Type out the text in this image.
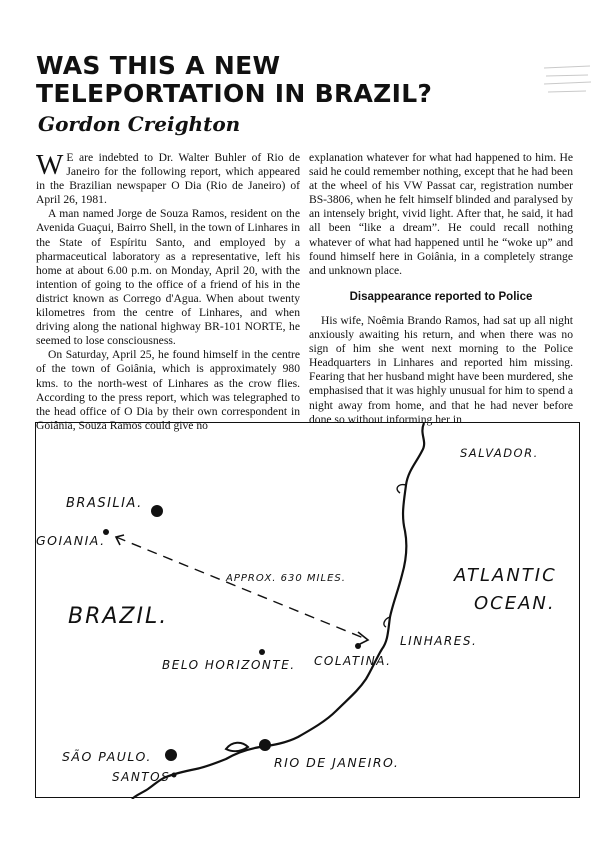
WAS THIS A NEW TELEPORTATION IN BRAZIL?
Gordon Creighton

W E are indebted to Dr. Walter Buhler of Rio de Janeiro for the following report, which appeared in the Brazilian newspaper O Dia (Rio de Janeiro) of April 26, 1981.

A man named Jorge de Souza Ramos, resident on the Avenida Guaçui, Bairro Shell, in the town of Linhares in the State of Espíritu Santo, and employed by a pharmaceutical laboratory as a representative, left his home at about 6.00 p.m. on Monday, April 20, with the intention of going to the office of a friend of his in the district known as Corrego d'Agua. When about twenty kilometres from the centre of Linhares, and when driving along the national highway BR-101 NORTE, he seemed to lose consciousness.

On Saturday, April 25, he found himself in the centre of the town of Goiânia, which is approximately 980 kms. to the north-west of Linhares as the crow flies. According to the press report, which was telegraphed to the head office of O Dia by their own correspondent in Goiânia, Souza Ramos could give no

explanation whatever for what had happened to him. He said he could remember nothing, except that he had been at the wheel of his VW Passat car, registration number BS-3806, when he felt himself blinded and paralysed by an intensely bright, vivid light. After that, he said, it had all been “like a dream”. He could recall nothing whatever of what had happened until he “woke up” and found himself here in Goiânia, in a completely strange and unknown place.

Disappearance reported to Police

His wife, Noêmia Brando Ramos, had sat up all night anxiously awaiting his return, and when there was no sign of him she went next morning to the Police Headquarters in Linhares and reported him missing. Fearing that her husband might have been murdered, she emphasised that it was highly unusual for him to spend a night away from home, and that he had never before done so without informing her in

SALVADOR.
BRASILIA.
GOIANIA.
APPROX. 630 MILES.	ATLANTIC
OCEAN.
BRAZIL.
LINHARES.
COLATINA.
BELO HORIZONTE.
SÃO PAULO.
SANTOS
RIO DE JANEIRO.
